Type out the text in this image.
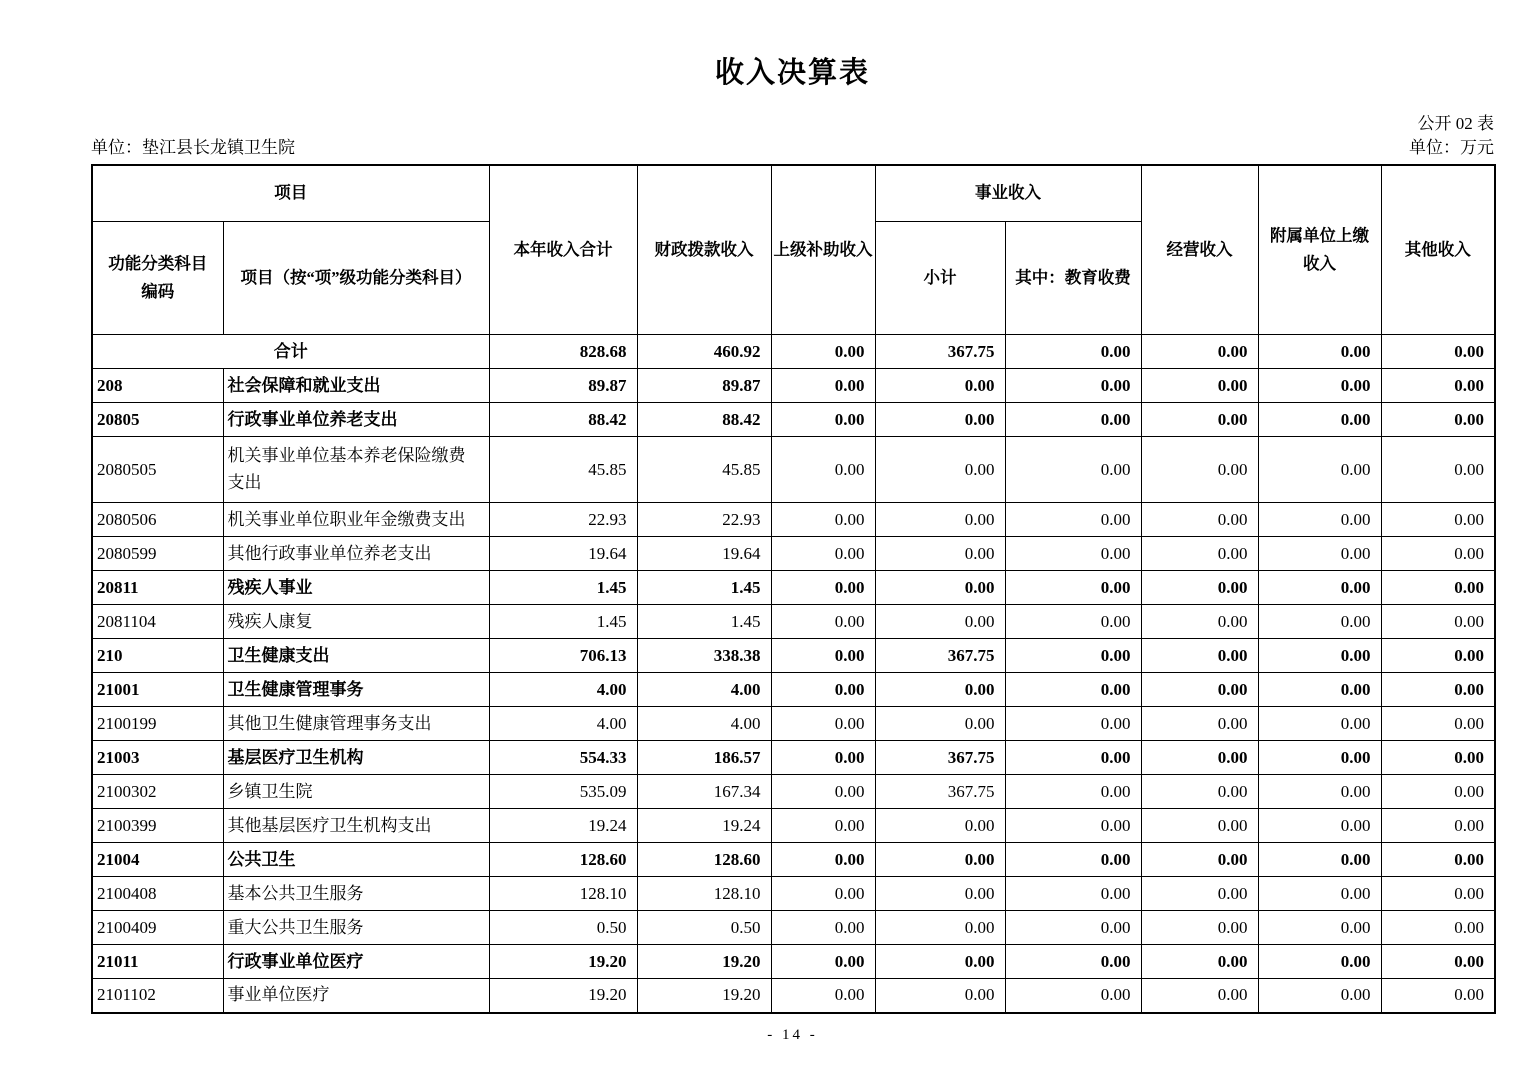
收入决算表
公开 02 表
单位：垫江县长龙镇卫生院	单位：万元
项目		本年收入合计	财政拨款收入	上级补助收入	事业收入		经营收入	附属单位上缴收入	其他收入
功能分类科目编码	项目（按“项”级功能分类科目）				小计	其中：教育收费			
合计		828.68	460.92	0.00	367.75	0.00	0.00	0.00	0.00
208	社会保障和就业支出	89.87	89.87	0.00	0.00	0.00	0.00	0.00	0.00
20805	行政事业单位养老支出	88.42	88.42	0.00	0.00	0.00	0.00	0.00	0.00
2080505	机关事业单位基本养老保险缴费支出	45.85	45.85	0.00	0.00	0.00	0.00	0.00	0.00
2080506	机关事业单位职业年金缴费支出	22.93	22.93	0.00	0.00	0.00	0.00	0.00	0.00
2080599	其他行政事业单位养老支出	19.64	19.64	0.00	0.00	0.00	0.00	0.00	0.00
20811	残疾人事业	1.45	1.45	0.00	0.00	0.00	0.00	0.00	0.00
2081104	残疾人康复	1.45	1.45	0.00	0.00	0.00	0.00	0.00	0.00
210	卫生健康支出	706.13	338.38	0.00	367.75	0.00	0.00	0.00	0.00
21001	卫生健康管理事务	4.00	4.00	0.00	0.00	0.00	0.00	0.00	0.00
2100199	其他卫生健康管理事务支出	4.00	4.00	0.00	0.00	0.00	0.00	0.00	0.00
21003	基层医疗卫生机构	554.33	186.57	0.00	367.75	0.00	0.00	0.00	0.00
2100302	乡镇卫生院	535.09	167.34	0.00	367.75	0.00	0.00	0.00	0.00
2100399	其他基层医疗卫生机构支出	19.24	19.24	0.00	0.00	0.00	0.00	0.00	0.00
21004	公共卫生	128.60	128.60	0.00	0.00	0.00	0.00	0.00	0.00
2100408	基本公共卫生服务	128.10	128.10	0.00	0.00	0.00	0.00	0.00	0.00
2100409	重大公共卫生服务	0.50	0.50	0.00	0.00	0.00	0.00	0.00	0.00
21011	行政事业单位医疗	19.20	19.20	0.00	0.00	0.00	0.00	0.00	0.00
2101102	事业单位医疗	19.20	19.20	0.00	0.00	0.00	0.00	0.00	0.00
- 14 -
